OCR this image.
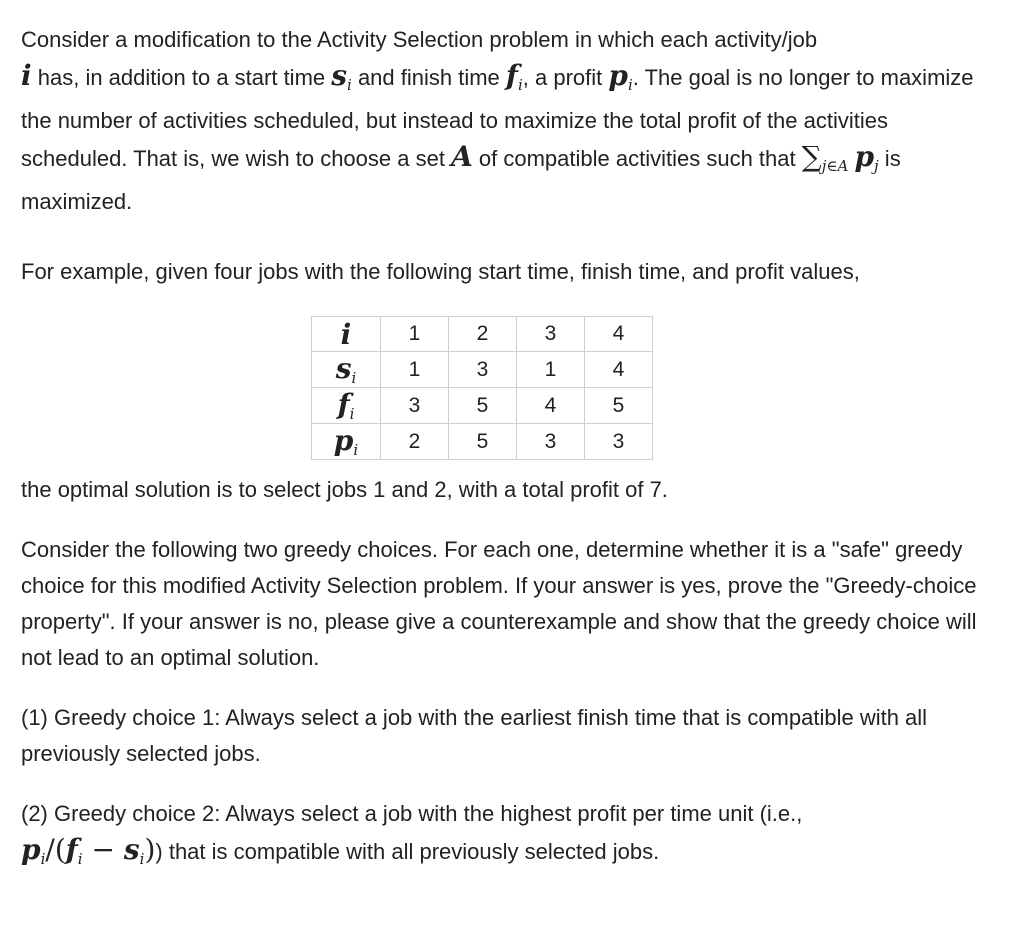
Consider a modification to the Activity Selection problem in which each activity/job
i has, in addition to a start time $s_i$ and finish time $f_i$, a profit $p_i$. The goal is no longer to maximize the number of activities scheduled, but instead to maximize the total profit of the activities scheduled. That is, we wish to choose a set A of compatible activities such that $\sum_{j\in A}$ $p_j$ is maximized.

For example, given four jobs with the following start time, finish time, and profit values,

i	1	2	3	4
$s_i$	1	3	1	4
$f_i$	3	5	4	5
$p_i$	2	5	3	3

the optimal solution is to select jobs 1 and 2, with a total profit of 7.

Consider the following two greedy choices. For each one, determine whether it is a "safe" greedy choice for this modified Activity Selection problem. If your answer is yes, prove the "Greedy-choice property". If your answer is no, please give a counterexample and show that the greedy choice will not lead to an optimal solution.

(1) Greedy choice 1: Always select a job with the earliest finish time that is compatible with all previously selected jobs.

(2) Greedy choice 2: Always select a job with the highest profit per time unit (i.e.,
$p_i/(f_i - s_i)$) that is compatible with all previously selected jobs.
